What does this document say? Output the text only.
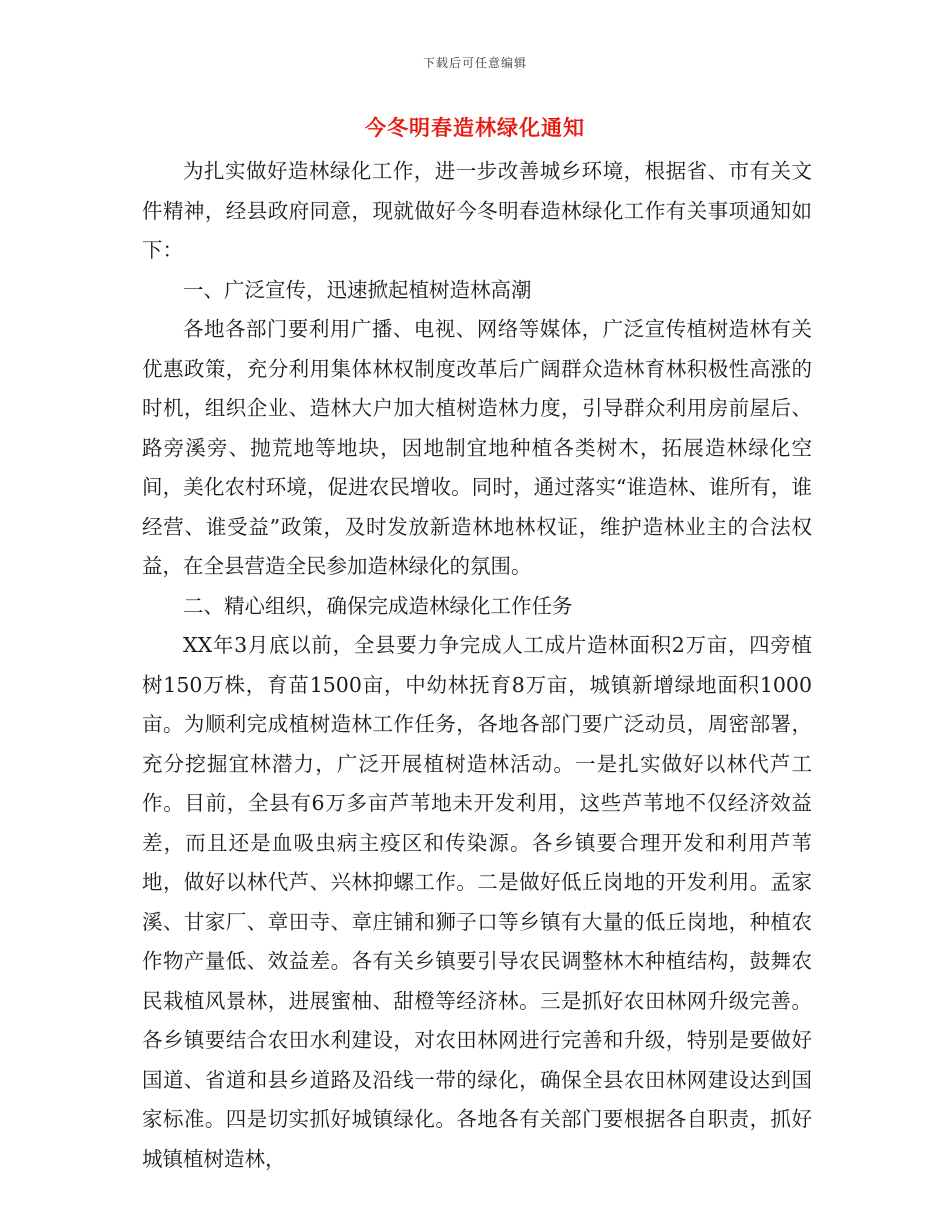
下载后可任意编辑
今冬明春造林绿化通知

为扎实做好造林绿化工作，进一步改善城乡环境，根据省、市有关文件精神，经县政府同意，现就做好今冬明春造林绿化工作有关事项通知如下：

一、广泛宣传，迅速掀起植树造林高潮

各地各部门要利用广播、电视、网络等媒体，广泛宣传植树造林有关优惠政策，充分利用集体林权制度改革后广阔群众造林育林积极性高涨的时机，组织企业、造林大户加大植树造林力度，引导群众利用房前屋后、路旁溪旁、抛荒地等地块，因地制宜地种植各类树木，拓展造林绿化空间，美化农村环境，促进农民增收。同时，通过落实“谁造林、谁所有，谁经营、谁受益”政策，及时发放新造林地林权证，维护造林业主的合法权益，在全县营造全民参加造林绿化的氛围。

二、精心组织，确保完成造林绿化工作任务

XX年3月底以前，全县要力争完成人工成片造林面积2万亩，四旁植树150万株，育苗1500亩，中幼林抚育8万亩，城镇新增绿地面积1000亩。为顺利完成植树造林工作任务，各地各部门要广泛动员，周密部署，充分挖掘宜林潜力，广泛开展植树造林活动。一是扎实做好以林代芦工作。目前，全县有6万多亩芦苇地未开发利用，这些芦苇地不仅经济效益差，而且还是血吸虫病主疫区和传染源。各乡镇要合理开发和利用芦苇地，做好以林代芦、兴林抑螺工作。二是做好低丘岗地的开发利用。孟家溪、甘家厂、章田寺、章庄铺和狮子口等乡镇有大量的低丘岗地，种植农作物产量低、效益差。各有关乡镇要引导农民调整林木种植结构，鼓舞农民栽植风景林，进展蜜柚、甜橙等经济林。三是抓好农田林网升级完善。各乡镇要结合农田水利建设，对农田林网进行完善和升级，特别是要做好国道、省道和县乡道路及沿线一带的绿化，确保全县农田林网建设达到国家标准。四是切实抓好城镇绿化。各地各有关部门要根据各自职责，抓好城镇植树造林，
